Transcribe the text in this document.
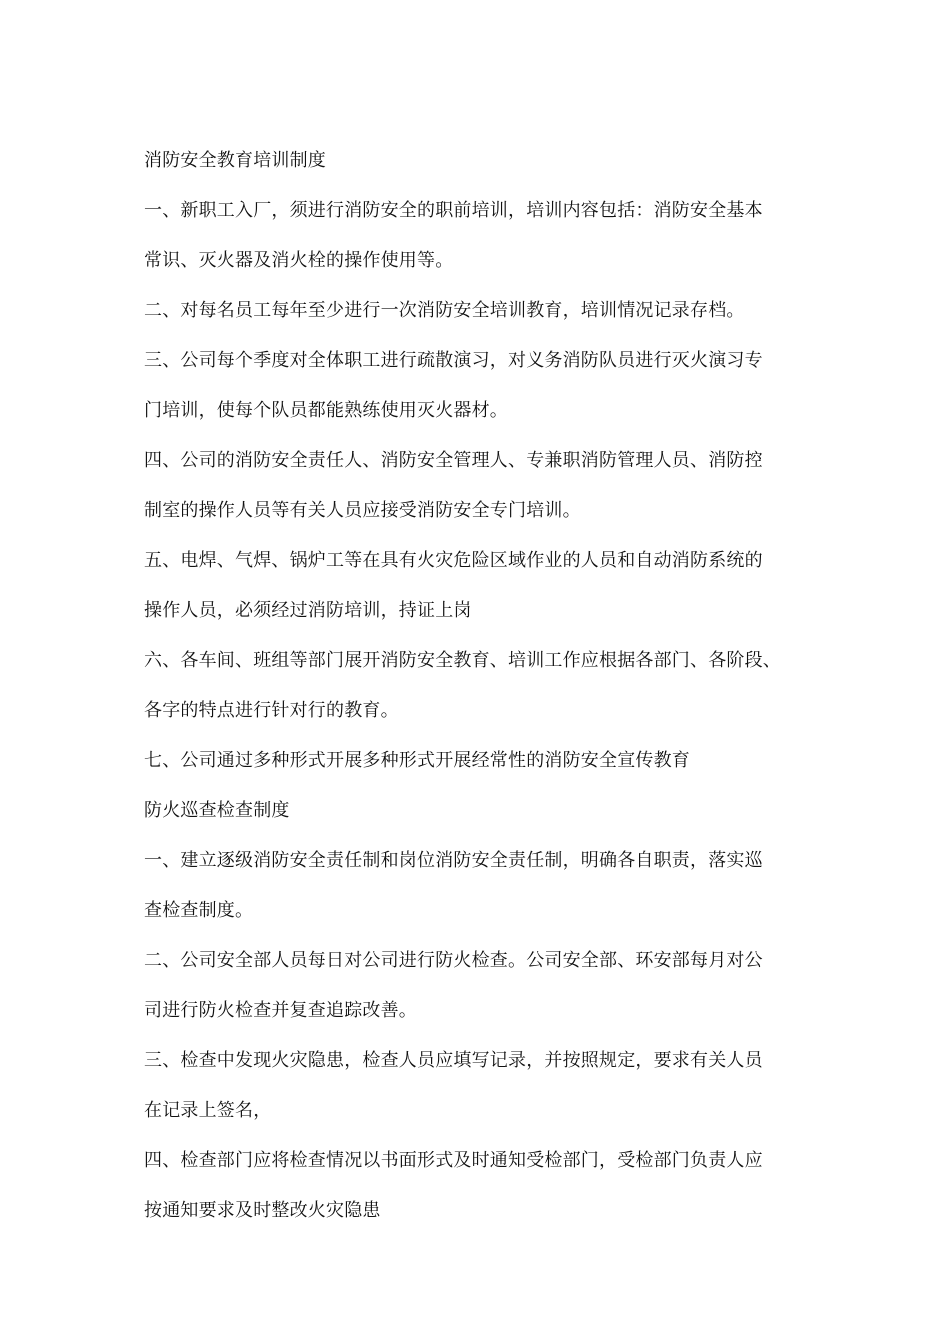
消防安全教育培训制度
一、新职工入厂，须进行消防安全的职前培训，培训内容包括：消防安全基本
常识、灭火器及消火栓的操作使用等。
二、对每名员工每年至少进行一次消防安全培训教育，培训情况记录存档。
三、公司每个季度对全体职工进行疏散演习，对义务消防队员进行灭火演习专
门培训，使每个队员都能熟练使用灭火器材。
四、公司的消防安全责任人、消防安全管理人、专兼职消防管理人员、消防控
制室的操作人员等有关人员应接受消防安全专门培训。
五、电焊、气焊、锅炉工等在具有火灾危险区域作业的人员和自动消防系统的
操作人员，必须经过消防培训，持证上岗
六、各车间、班组等部门展开消防安全教育、培训工作应根据各部门、各阶段、
各字的特点进行针对行的教育。
七、公司通过多种形式开展多种形式开展经常性的消防安全宣传教育
防火巡查检查制度
一、建立逐级消防安全责任制和岗位消防安全责任制，明确各自职责，落实巡
查检查制度。
二、公司安全部人员每日对公司进行防火检查。公司安全部、环安部每月对公
司进行防火检查并复查追踪改善。
三、检查中发现火灾隐患，检查人员应填写记录，并按照规定，要求有关人员
在记录上签名，
四、检查部门应将检查情况以书面形式及时通知受检部门，受检部门负责人应
按通知要求及时整改火灾隐患
